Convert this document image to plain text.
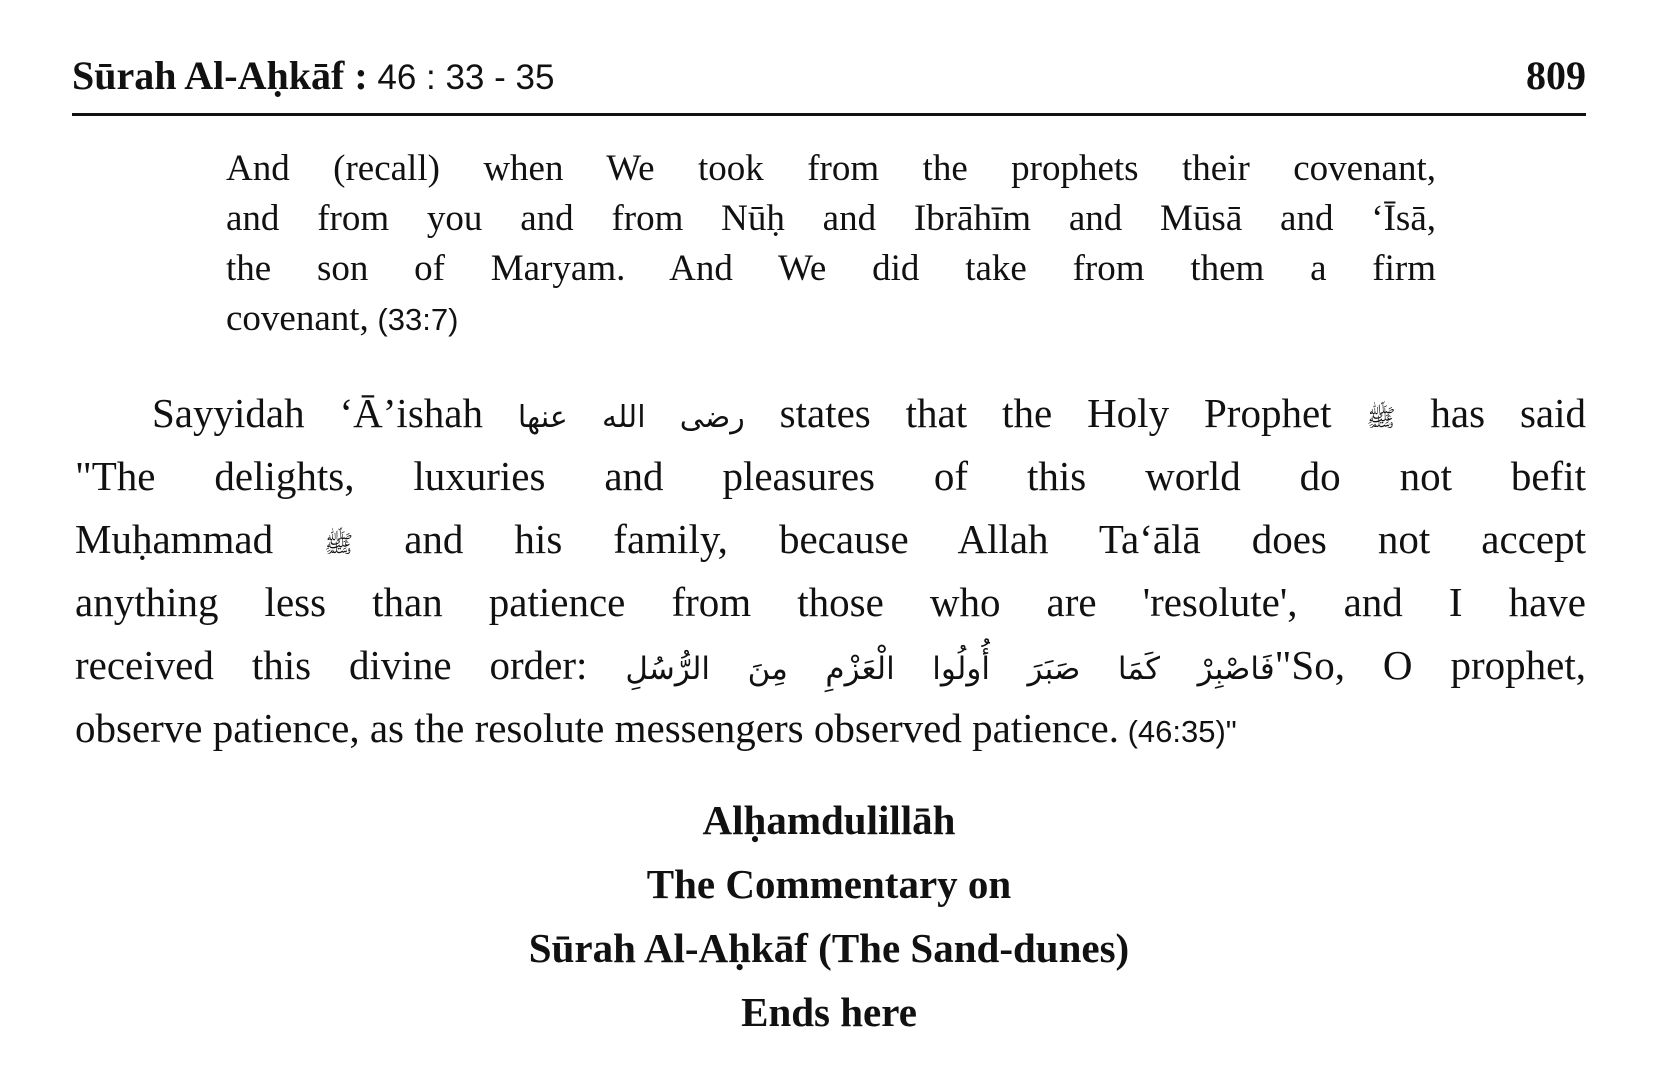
Sūrah Al-Aḥkāf : 46 : 33 - 35	809
And (recall) when We took from the prophets their covenant,
and from you and from Nūḥ and Ibrāhīm and Mūsā and ‘Īsā,
the son of Maryam. And We did take from them a firm
covenant, (33:7)
Sayyidah ‘Ā’ishah رضى الله عنها states that the Holy Prophet ﷺ has said
"The delights, luxuries and pleasures of this world do not befit
Muḥammad ﷺ and his family, because Allah Ta‘ālā does not accept
anything less than patience from those who are 'resolute', and I have
received this divine order: فَاصْبِرْ كَمَا صَبَرَ أُولُوا الْعَزْمِ مِنَ الرُّسُلِ"So, O prophet,
observe patience, as the resolute messengers observed patience. (46:35)"
Alḥamdulillāh
The Commentary on
Sūrah Al-Aḥkāf (The Sand-dunes)
Ends here
